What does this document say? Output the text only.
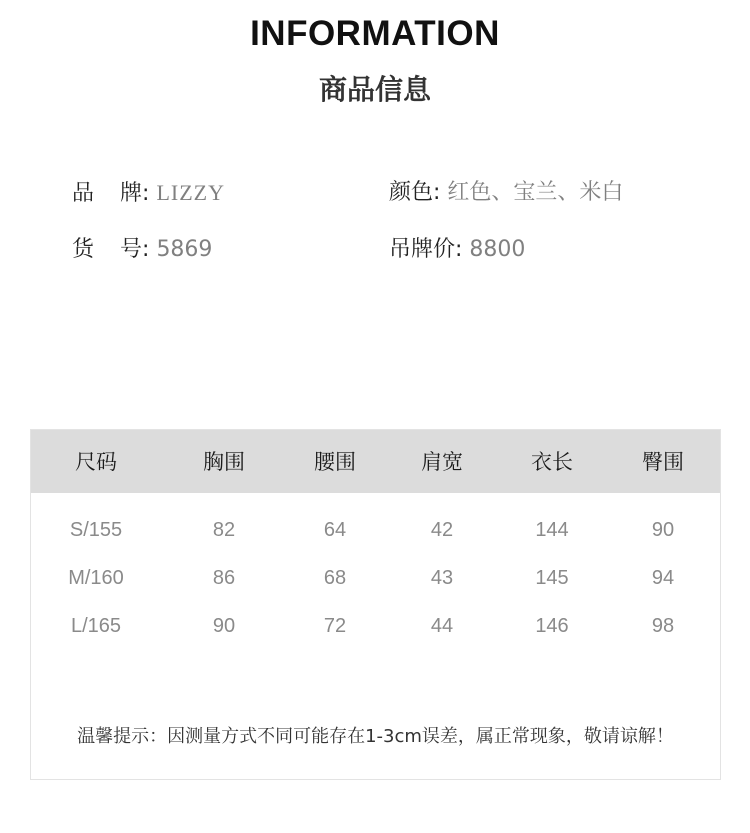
INFORMATION
商品信息
品 牌: LIZZY	颜色: 红色、宝兰、米白
货 号: 5869	吊牌价: 8800
尺码	胸围	腰围	肩宽	衣长	臀围
S/155	82	64	42	144	90
M/160	86	68	43	145	94
L/165	90	72	44	146	98
温馨提示：因测量方式不同可能存在1-3cm误差，属正常现象，敬请谅解！
